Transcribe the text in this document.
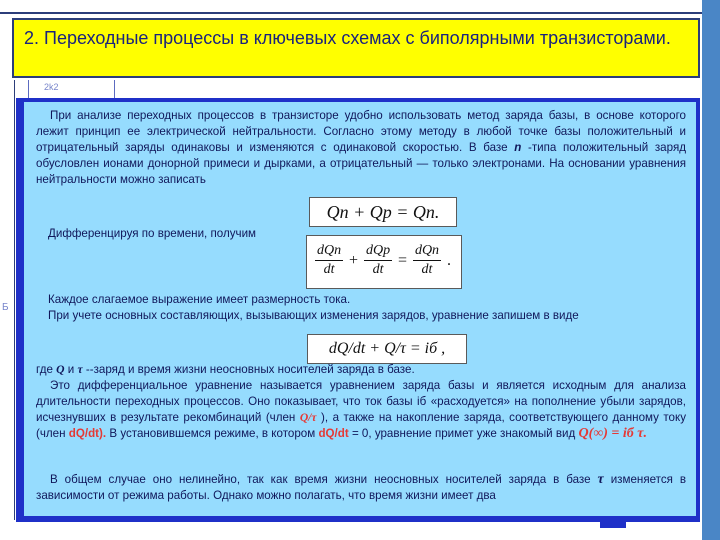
2. Переходные процессы в ключевых схемах с биполярными транзисторами.
2k2
Б

При анализе переходных процессов в транзисторе удобно использовать метод заряда базы, в основе которого лежит принцип ее электрической нейтральности. Согласно этому методу в любой точке базы положительный и отрицательный заряды одинаковы и изменяются с одинаковой скоростью. В базе n -типа положительный заряд обусловлен ионами донорной примеси и дырками, а отрицательный — только электронами. На основании уравнения нейтральности можно записать

Qп + Qр = Qn.
Дифференцируя по времени, получим
$\frac{\text{dQп}}{dt} + \frac{\text{dQр}}{dt} = \frac{\text{dQn}}{dt}$ .
Каждое слагаемое выражение имеет размерность тока.
При учете основных составляющих, вызывающих изменения зарядов, уравнение запишем в виде
dQ/dt + Q/τ = iб ,
где Q и τ --заряд и время жизни неосновных носителей заряда в базе.

Это дифференциальное уравнение называется уравнением заряда базы и является исходным для анализа длительности переходных процессов. Оно показывает, что ток базы iб «расходуется» на пополнение убыли зарядов, исчезнувших в результате рекомбинаций (член Q/τ ), а также на накопление заряда, соответствующего данному току (член dQ/dt). В установившемся режиме, в котором dQ/dt = 0, уравнение примет уже знакомый вид Q(∞) = iб τ.

В общем случае оно нелинейно, так как время жизни неосновных носителей заряда в базе τ изменяется в зависимости от режима работы. Однако можно полагать, что время жизни имеет два
